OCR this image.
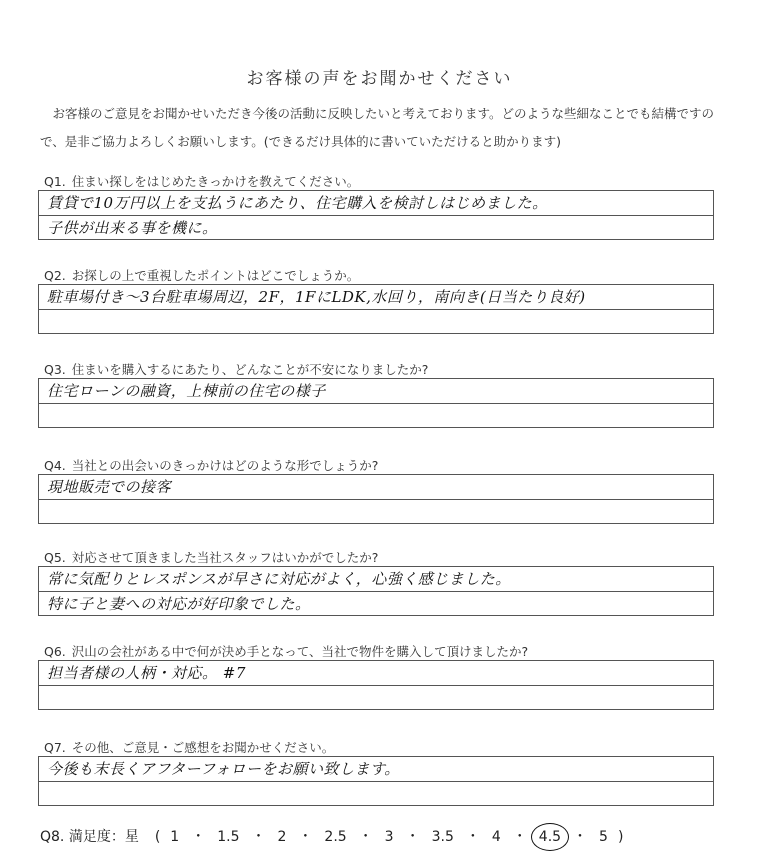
お客様の声をお聞かせください
お客様のご意見をお聞かせいただき今後の活動に反映したいと考えております。どのような些細なことでも結構ですので、是非ご協力よろしくお願いします。(できるだけ具体的に書いていただけると助かります)
Q1. 住まい探しをはじめたきっかけを教えてください。
賃貸で10万円以上を支払うにあたり、住宅購入を検討しはじめました。
子供が出来る事を機に。
Q2. お探しの上で重視したポイントはどこでしょうか。
駐車場付き〜3台駐車場周辺，2F，1FにLDK,水回り，南向き(日当たり良好)
Q3. 住まいを購入するにあたり、どんなことが不安になりましたか?
住宅ローンの融資，上棟前の住宅の様子
Q4. 当社との出会いのきっかけはどのような形でしょうか?
現地販売での接客
Q5. 対応させて頂きました当社スタッフはいかがでしたか?
常に気配りとレスポンスが早さに対応がよく，心強く感じました。
特に子と妻への対応が好印象でした。
Q6. 沢山の会社がある中で何が決め手となって、当社で物件を購入して頂けましたか?
担当者様の人柄・対応。 #7
Q7. その他、ご意見・ご感想をお聞かせください。
今後も末長くアフターフォローをお願い致します。
Q8. 満足度：星 ( 1 ・ 1.5 ・ 2 ・ 2.5 ・ 3 ・ 3.5 ・ 4 ・ 4.5 ・ 5 )
